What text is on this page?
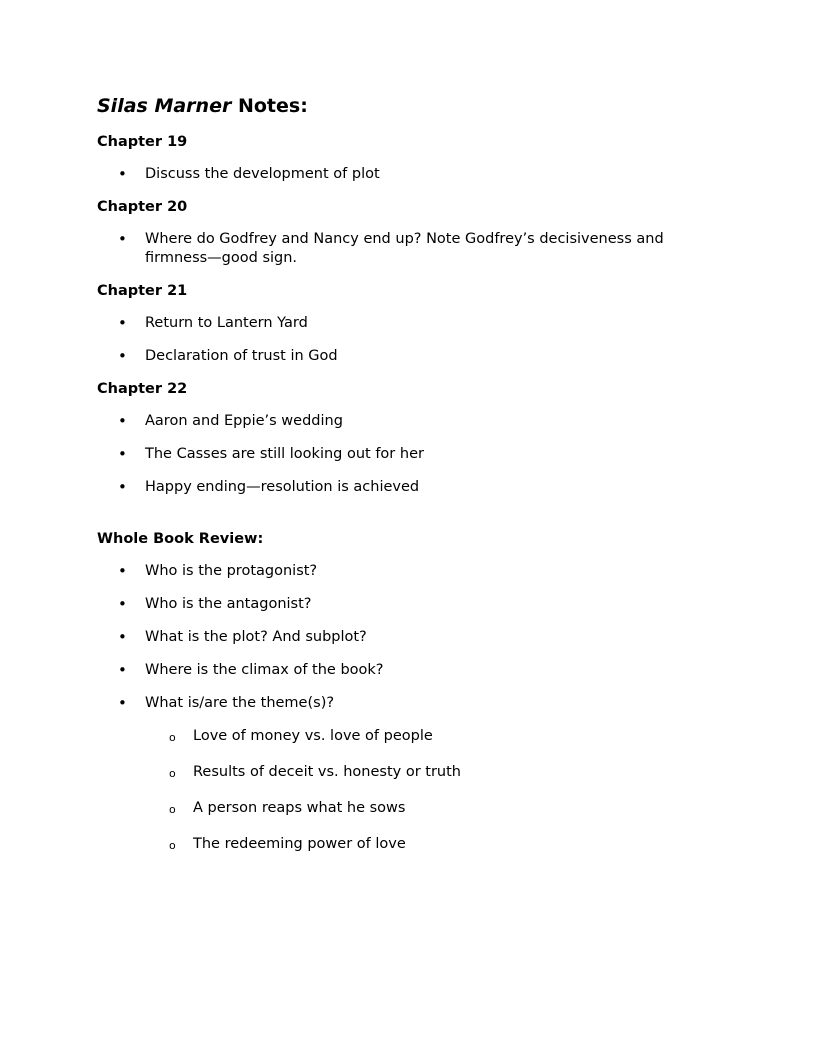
Silas Marner Notes:
Chapter 19
• Discuss the development of plot
Chapter 20
• Where do Godfrey and Nancy end up? Note Godfrey’s decisiveness and firmness—good sign.
Chapter 21
• Return to Lantern Yard
• Declaration of trust in God
Chapter 22
• Aaron and Eppie’s wedding
• The Casses are still looking out for her
• Happy ending—resolution is achieved
Whole Book Review:
• Who is the protagonist?
• Who is the antagonist?
• What is the plot? And subplot?
• Where is the climax of the book?
• What is/are the theme(s)?
o Love of money vs. love of people
o Results of deceit vs. honesty or truth
o A person reaps what he sows
o The redeeming power of love
